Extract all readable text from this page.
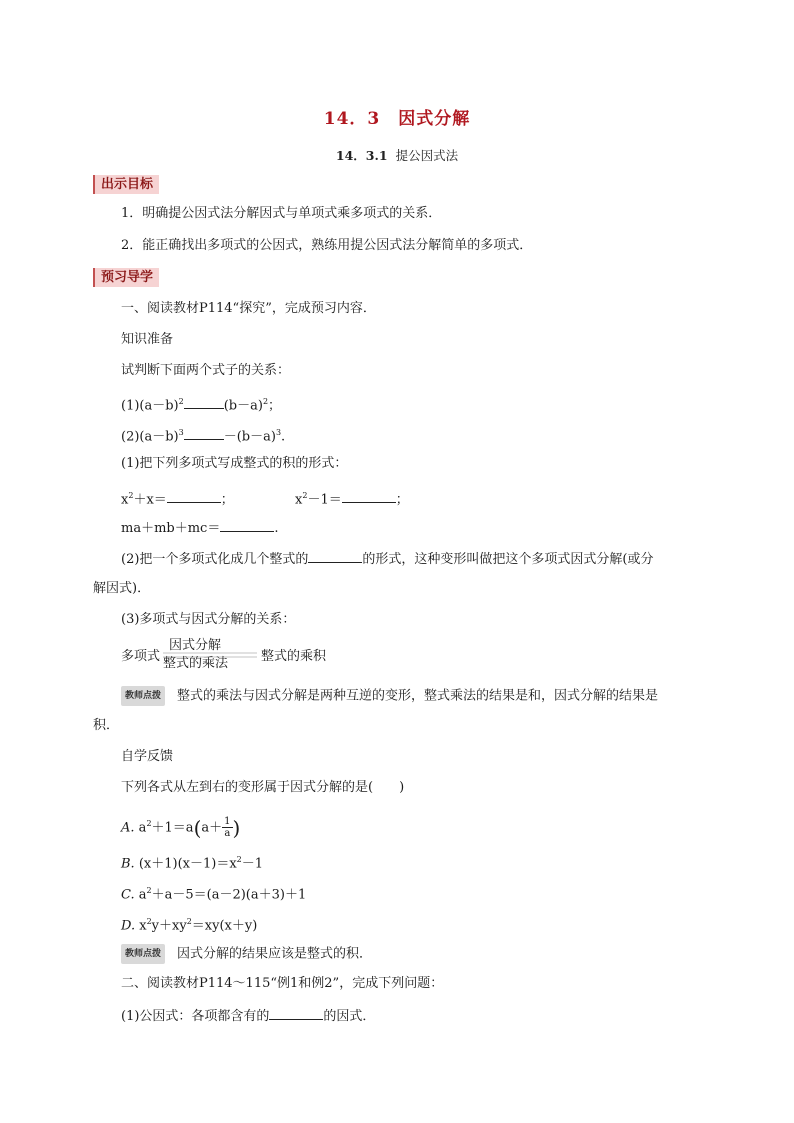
14．3　因式分解
14．3.1 提公因式法
出示目标
1．明确提公因式法分解因式与单项式乘多项式的关系．
2．能正确找出多项式的公因式，熟练用提公因式法分解简单的多项式．
预习导学
一、阅读教材P114“探究”，完成预习内容．
知识准备
试判断下面两个式子的关系：
$(1)(a-b)^2$	$(b-a)^2$；
$(2)(a-b)^3$	$-(b-a)^3$.
(1)把下列多项式写成整式的积的形式：
$x^2+x=$	；	$x^2-1=$	；
ma＋mb＋mc＝	.
(2)把一个多项式化成几个整式的	的形式，这种变形叫做把这个多项式因式分解(或分
解因式)．
(3)多项式与因式分解的关系：
多项式
因式分解
整式的乘法	整式的乘积
教师点拨 整式的乘法与因式分解是两种互逆的变形，整式乘法的结果是和，因式分解的结果是
积．
自学反馈
下列各式从左到右的变形属于因式分解的是(　　)
A. $a^2+1=a(a+ \frac{1}{a})$
B. $(x+1)(x-1)=x^2-1$
C. $a^2+a-5=(a-2)(a+3)+1$
D. $x^2y+xy^2=xy(x+y)$
教师点拨 因式分解的结果应该是整式的积．
二、阅读教材P114～115“例1和例2”，完成下列问题：
(1)公因式：各项都含有的	的因式．
